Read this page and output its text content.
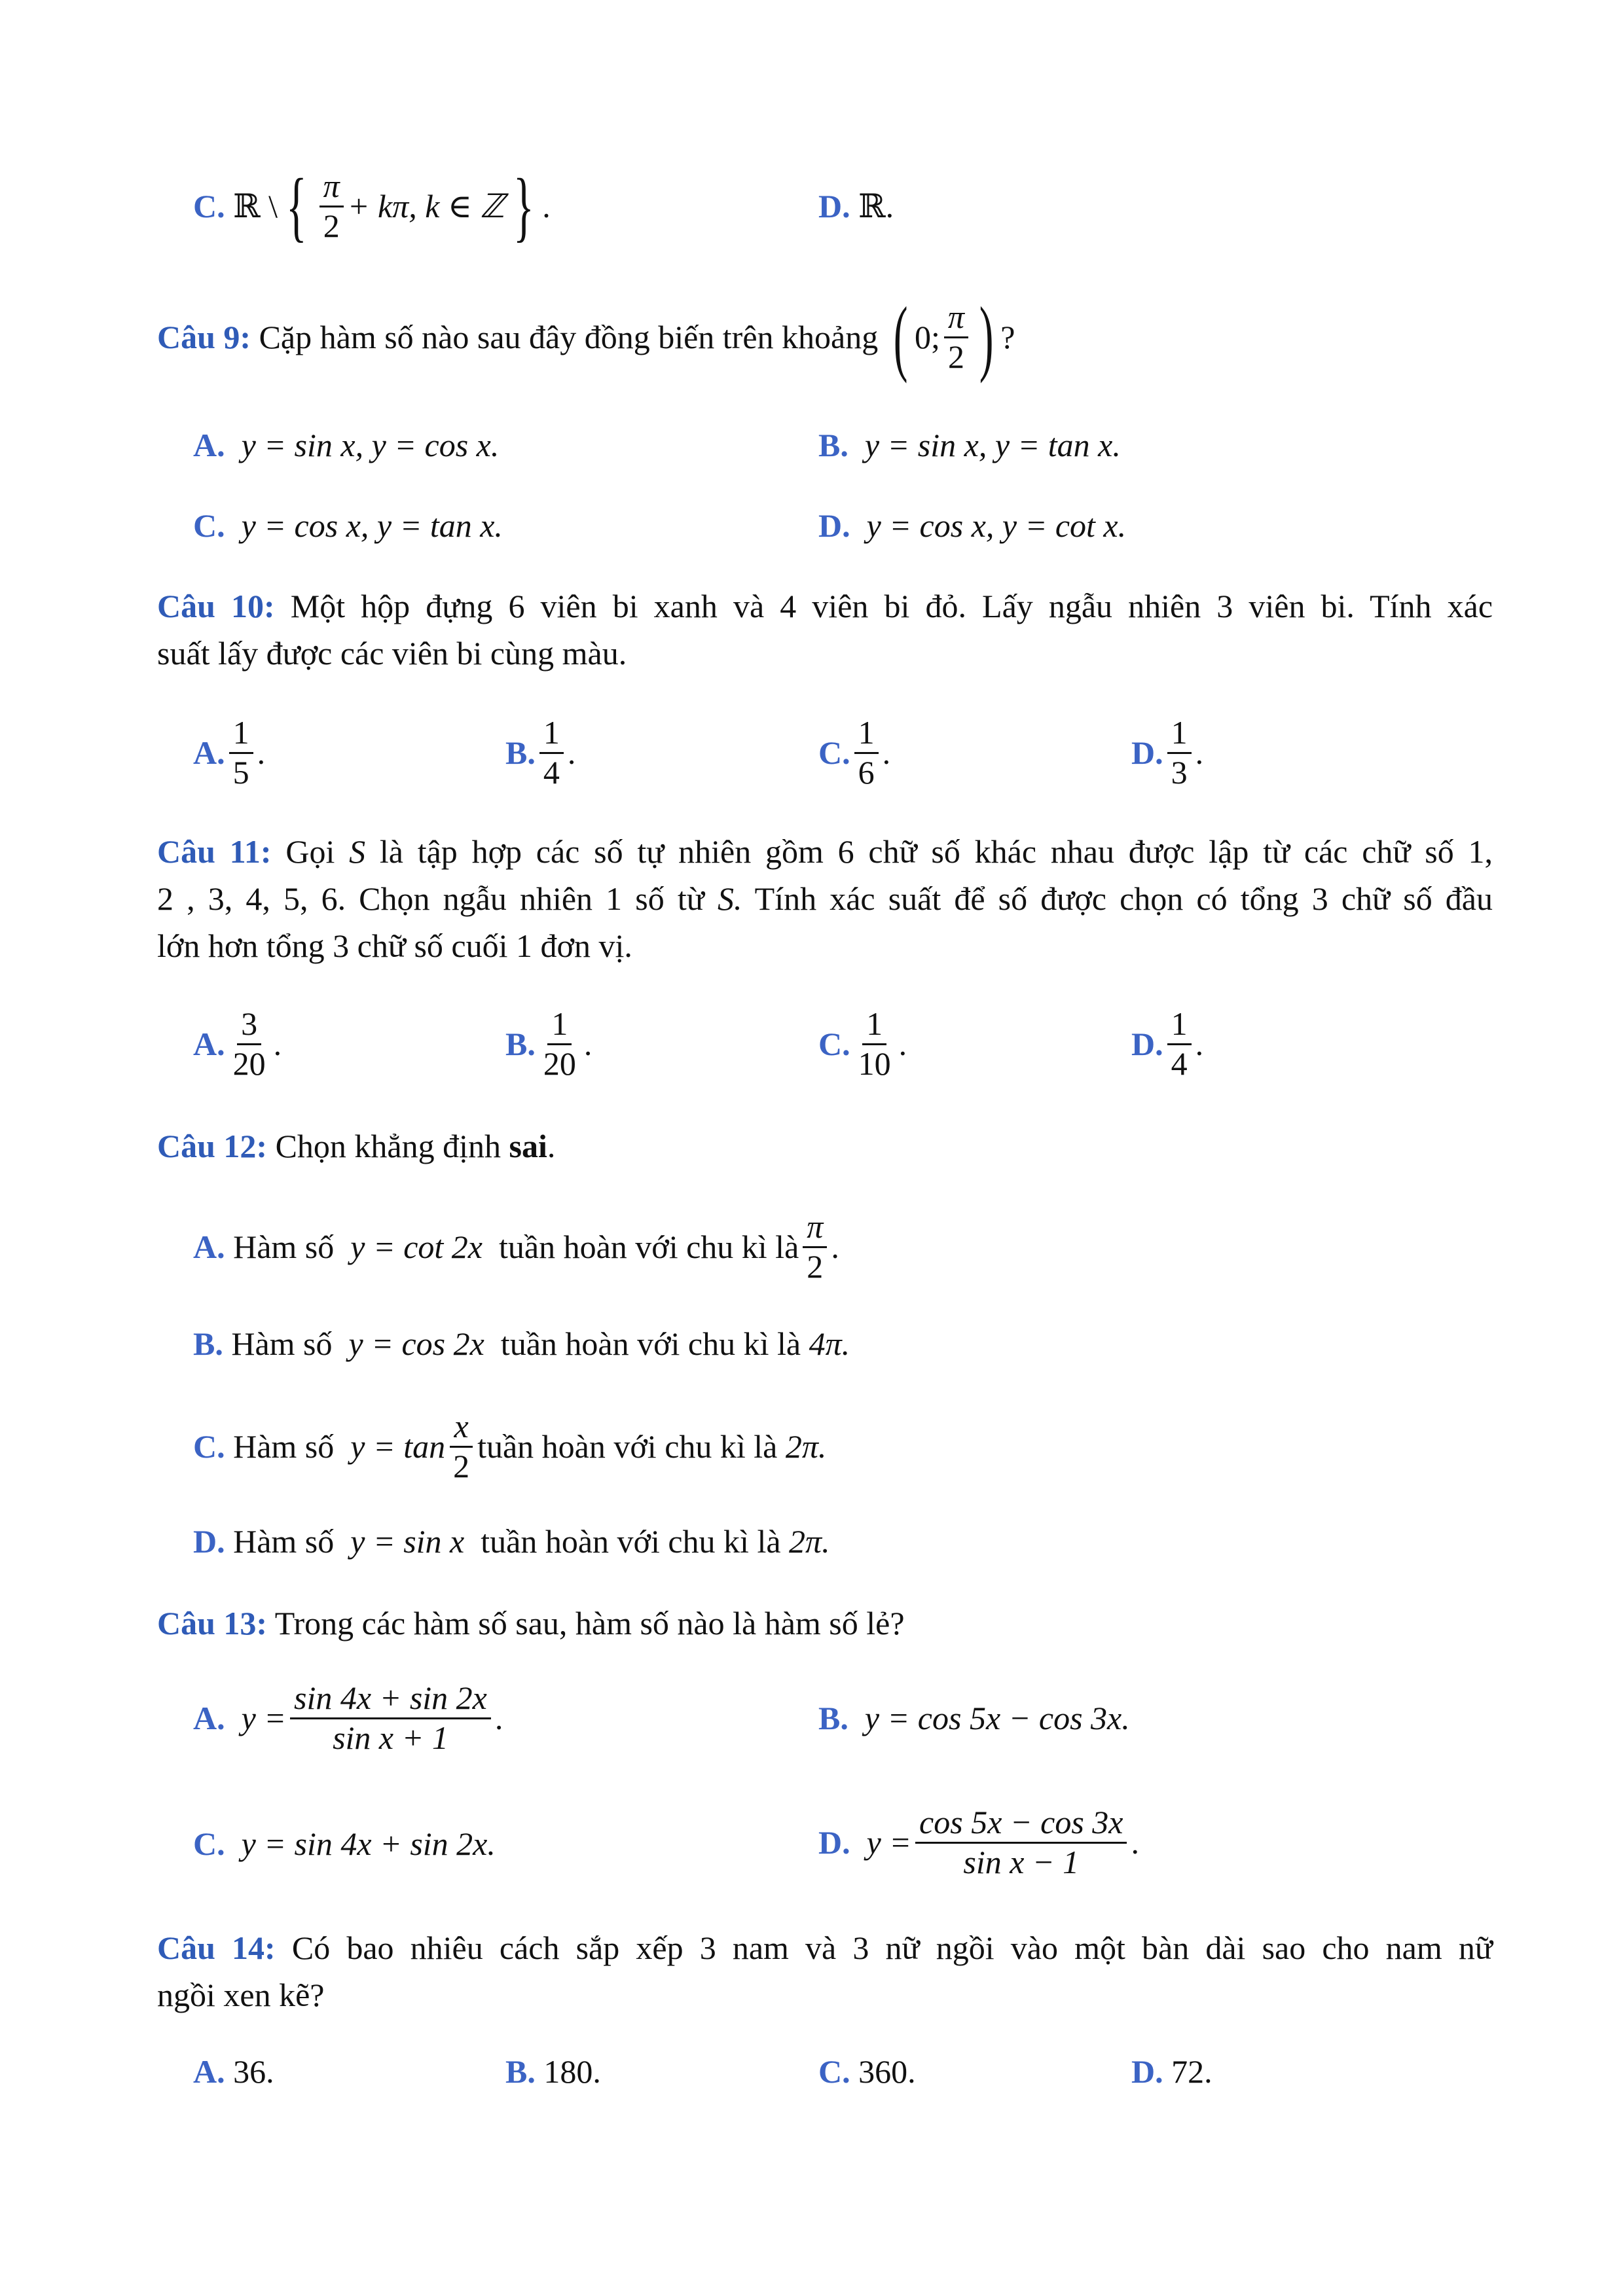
C.
ℝ \ { $\frac{\pi}{2} + k\pi$, k ∈ ℤ } .	D. ℝ.
Câu 9:
Cặp hàm số nào sau đây đồng biến trên khoảng
( 0; $\frac{\pi}{2}$ ) ?
A. y = sin x, y = cos x.	B. y = sin x, y = tan x.
C. y = cos x, y = tan x.	D. y = cos x, y = cot x.
Câu 10: Một hộp đựng 6 viên bi xanh và 4 viên bi đỏ. Lấy ngẫu nhiên 3 viên bi. Tính xác
suất lấy được các viên bi cùng màu.
A. $\frac{1}{5}$ .	B. $\frac{1}{4}$ .	C. $\frac{1}{6}$ .	D. $\frac{1}{3}$ .
Câu 11: Gọi S là tập hợp các số tự nhiên gồm 6 chữ số khác nhau được lập từ các chữ số 1,
2 , 3, 4, 5, 6. Chọn ngẫu nhiên 1 số từ S. Tính xác suất để số được chọn có tổng 3 chữ số đầu
lớn hơn tổng 3 chữ số cuối 1 đơn vị.
A. $\frac{3}{20}$ .	B. $\frac{1}{20}$ .	C. $\frac{1}{10}$ .	D. $\frac{1}{4}$ .
Câu 12: Chọn khẳng định sai.
A.
Hàm số
y = cot 2x
tuần hoàn với chu kì là $\frac{\pi}{2}$ .
B. Hàm số y = cos 2x tuần hoàn với chu kì là 4π.
C.
Hàm số
$y = \tan \frac{x}{2}$ tuần hoàn với chu kì là
2π.
D. Hàm số y = sin x tuần hoàn với chu kì là 2π.
Câu 13: Trong các hàm số sau, hàm số nào là hàm số lẻ?
A.
$y = \frac{\sin 4x + \sin 2x}{\text{sin x + 1}}$ .	B. y = cos 5x − cos 3x.
C. y = sin 4x + sin 2x.	D.
$y = \frac{\cos 5x - \cos 3x}{\text{sin x − 1}}$ .
Câu 14: Có bao nhiêu cách sắp xếp 3 nam và 3 nữ ngồi vào một bàn dài sao cho nam nữ
ngồi xen kẽ?
A. 36.	B. 180.	C. 360.	D. 72.
